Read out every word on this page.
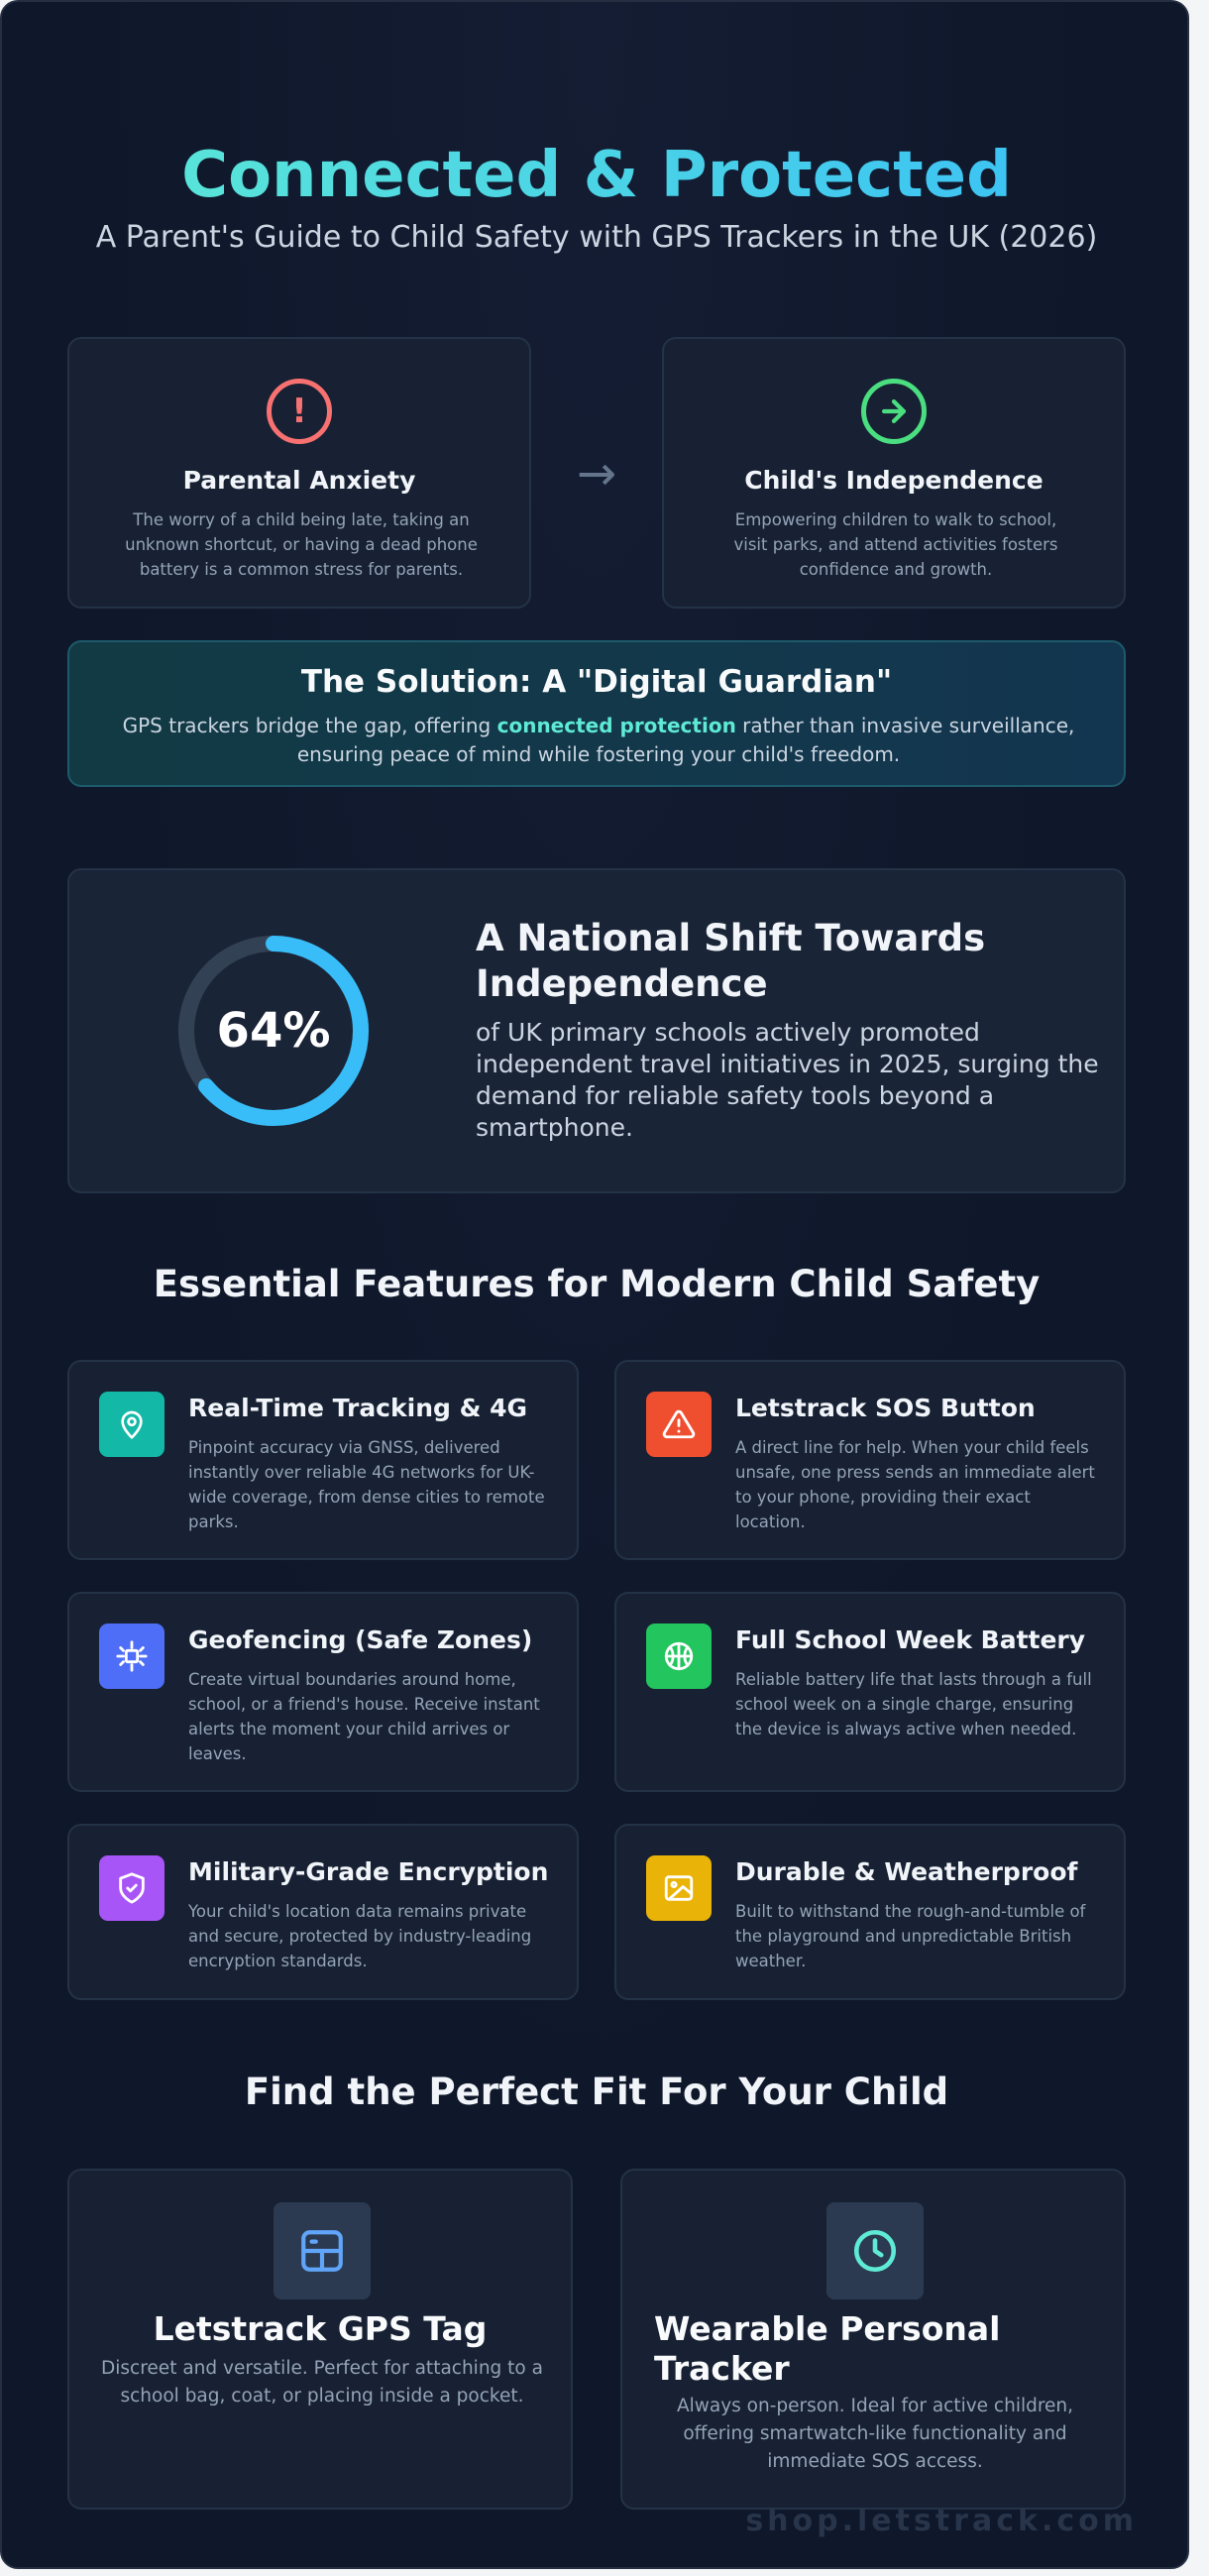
Connected & Protected
A Parent's Guide to Child Safety with GPS Trackers in the UK (2026)
!
Parental Anxiety

The worry of a child being late, taking an unknown shortcut, or having a dead phone battery is a common stress for parents.

→	Child's Independence

Empowering children to walk to school, visit parks, and attend activities fosters confidence and growth.

The Solution: A "Digital Guardian"

GPS trackers bridge the gap, offering connected protection rather than invasive surveillance, ensuring peace of mind while fostering your child's freedom.

64%
A National Shift Towards Independence

of UK primary schools actively promoted independent travel initiatives in 2025, surging the demand for reliable safety tools beyond a smartphone.

Essential Features for Modern Child Safety
Real-Time Tracking & 4G

Pinpoint accuracy via GNSS, delivered instantly over reliable 4G networks for UK-wide coverage, from dense cities to remote parks.

Letstrack SOS Button

A direct line for help. When your child feels unsafe, one press sends an immediate alert to your phone, providing their exact location.

Geofencing (Safe Zones)

Create virtual boundaries around home, school, or a friend's house. Receive instant alerts the moment your child arrives or leaves.

Full School Week Battery

Reliable battery life that lasts through a full school week on a single charge, ensuring the device is always active when needed.

Military-Grade Encryption

Your child's location data remains private and secure, protected by industry-leading encryption standards.

Durable & Weatherproof

Built to withstand the rough-and-tumble of the playground and unpredictable British weather.

Find the Perfect Fit For Your Child
Letstrack GPS Tag

Discreet and versatile. Perfect for attaching to a school bag, coat, or placing inside a pocket.

Wearable Personal Tracker

Always on-person. Ideal for active children, offering smartwatch-like functionality and immediate SOS access.

shop.letstrack.com
